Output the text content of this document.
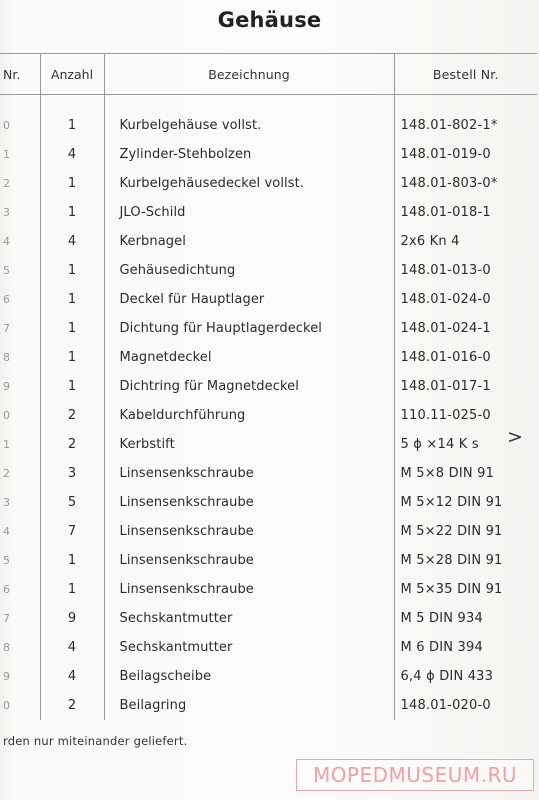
Gehäuse
Nr.	Anzahl	Bezeichnung	Bestell Nr.
0	1	Kurbelgehäuse vollst.	148.01-802-1*
1	4	Zylinder-Stehbolzen	148.01-019-0
2	1	Kurbelgehäusedeckel vollst.	148.01-803-0*
3	1	JLO-Schild	148.01-018-1
4	4	Kerbnagel	2x6 Kn 4
5	1	Gehäusedichtung	148.01-013-0
6	1	Deckel für Hauptlager	148.01-024-0
7	1	Dichtung für Hauptlagerdeckel	148.01-024-1
8	1	Magnetdeckel	148.01-016-0
9	1	Dichtring für Magnetdeckel	148.01-017-1
0	2	Kabeldurchführung	110.11-025-0
1	2	Kerbstift	5 ϕ ×14 K s
2	3	Linsensenkschraube	M 5×8 DIN 91
3	5	Linsensenkschraube	M 5×12 DIN 91
4	7	Linsensenkschraube	M 5×22 DIN 91
5	1	Linsensenkschraube	M 5×28 DIN 91
6	1	Linsensenkschraube	M 5×35 DIN 91
7	9	Sechskantmutter	M 5 DIN 934
8	4	Sechskantmutter	M 6 DIN 394
9	4	Beilagscheibe	6,4 ϕ DIN 433
0	2	Beilagring	148.01-020-0
>
rden nur miteinander geliefert.
MOPEDMUSEUM.RU
